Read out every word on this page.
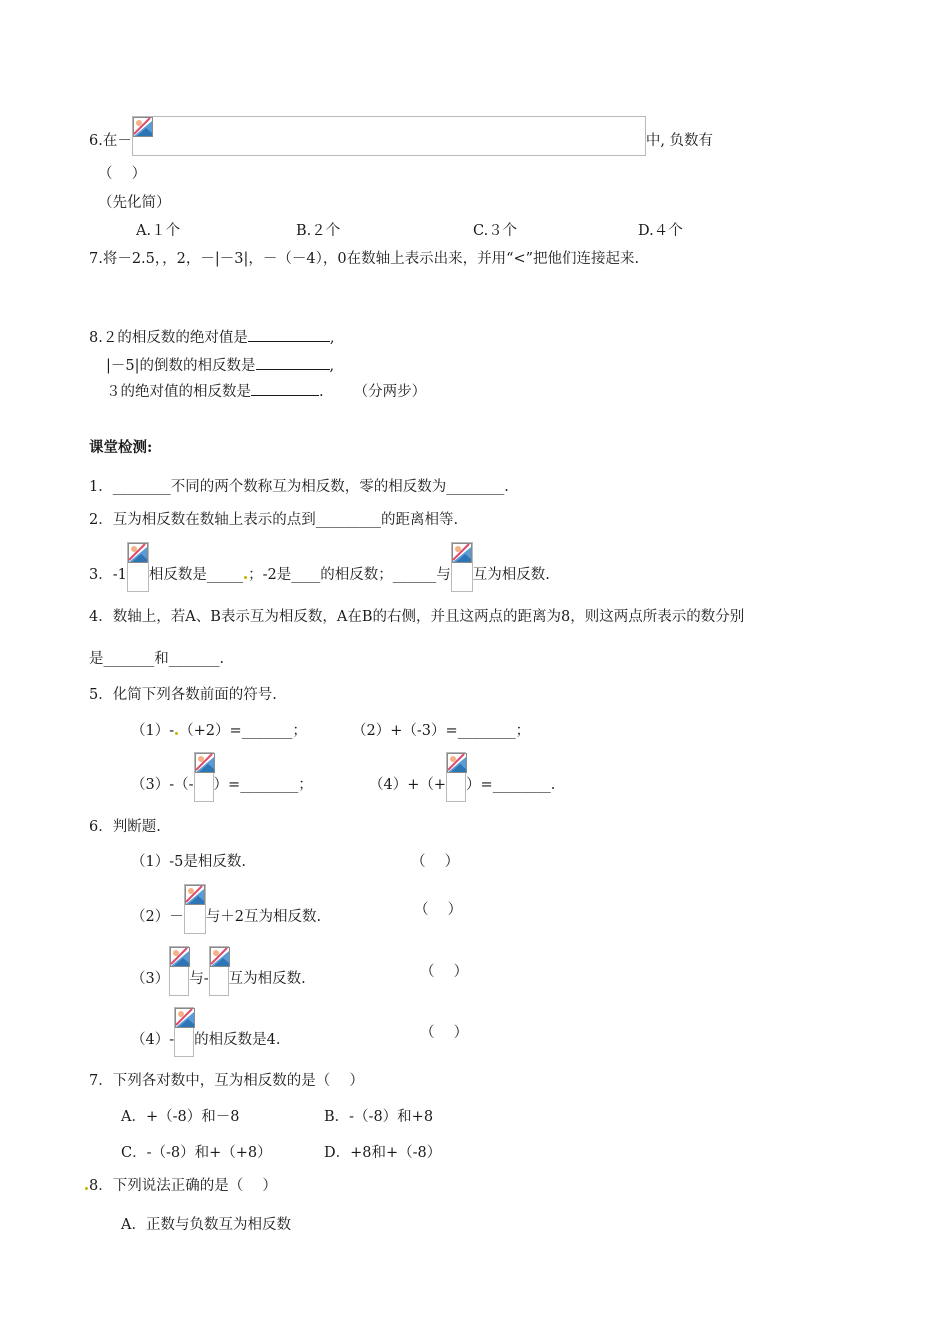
6.在－	中, 负数有
（　 ）
（先化简）
A.１个	B.２个	C.３个	D.４个
7.将－2.5，，2，－|－3|，－（－4），0在数轴上表示出来，并用“<”把他们连接起来.
8.２的相反数的绝对值是	,
|－5|的倒数的相反数是	,
３的绝对值的相反数是	. （分两步）
课堂检测:
1．________不同的两个数称互为相反数，零的相反数为________.
2．互为相反数在数轴上表示的点到_________的距离相等.
3．-1 相反数是_____ ；-2是____的相反数；______与 互为相反数.
4．数轴上，若A、B表示互为相反数，A在B的右侧，并且这两点的距离为8，则这两点所表示的数分别
是_______和_______.
5．化简下列各数前面的符号.
（1）- （+2）=_______；	（2）+（-3）=________；
（3）-（- ）=________；	（4）+（+ ）=________.
6．判断题.
（1）-5是相反数.	（　 ）
（2）－ 与＋2互为相反数.	（　 ）
（3） 与- 互为相反数.	（　 ）
（4）- 的相反数是4.	（　 ）
7．下列各对数中，互为相反数的是（　 ）
A．+（-8）和－8	B．-（-8）和+8
C．-（-8）和+（+8）	D．+8和+（-8）
8．下列说法正确的是（　 ）
A．正数与负数互为相反数
